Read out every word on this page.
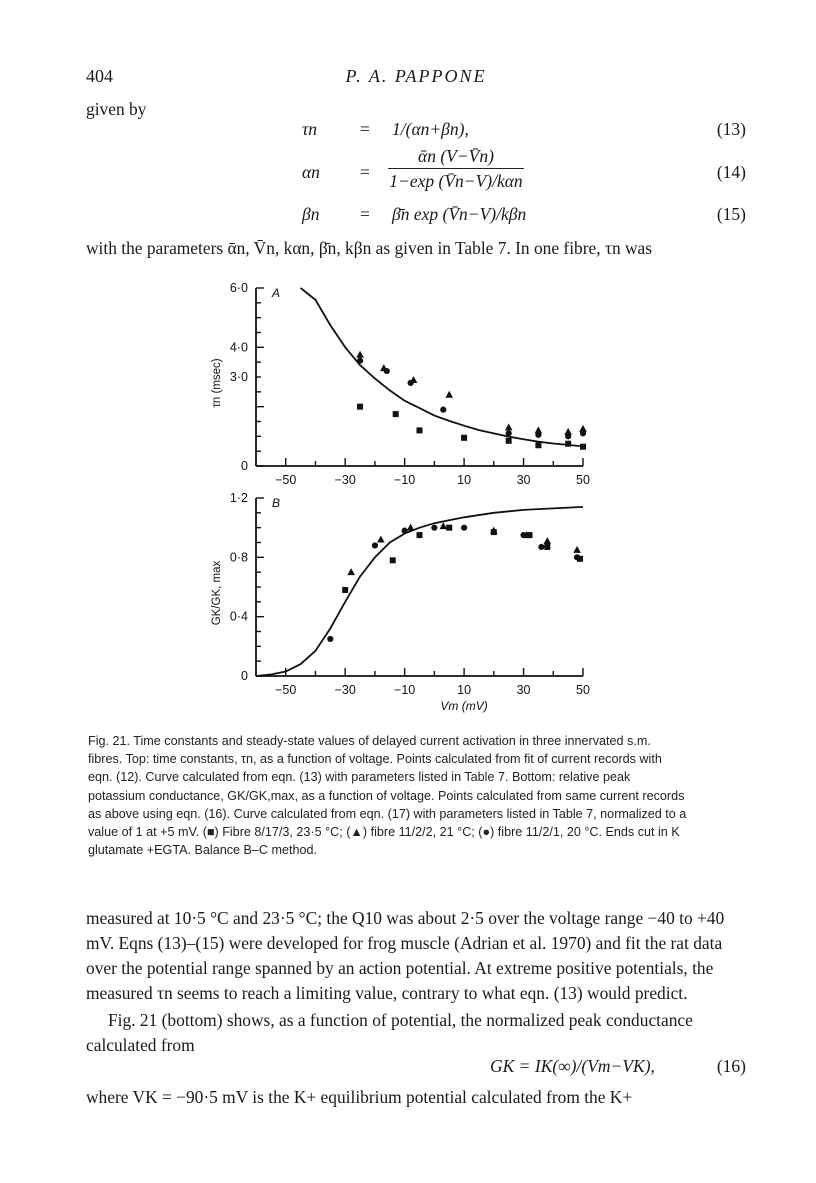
404	P. A. PAPPONE
given by
τn = 1/(αn+βn),	(13)
αn =
ᾱn (V−V̄n)
1−exp (V̄n−V)/kαn	(14)
βn = β̄n exp (V̄n−V)/kβn	(15)
with the parameters ᾱn, V̄n, kαn, β̄n, kβn as given in Table 7. In one fibre, τn was
−50	−30	−10	10	30	50
0
3·0
4·0
6·0 A
τn (msec)
−50	−30	−10	10	30	50
0
0·4
0·8
1·2 B
GK/GK, max
Vm (mV)
Fig. 21. Time constants and steady-state values of delayed current activation in three innervated s.m. fibres. Top: time constants, τn, as a function of voltage. Points calculated from fit of current records with eqn. (12). Curve calculated from eqn. (13) with parameters listed in Table 7. Bottom: relative peak potassium conductance, GK/GK,max, as a function of voltage. Points calculated from same current records as above using eqn. (16). Curve calculated from eqn. (17) with parameters listed in Table 7, normalized to a value of 1 at +5 mV. (■) Fibre 8/17/3, 23·5 °C; (▲) fibre 11/2/2, 21 °C; (●) fibre 11/2/1, 20 °C. Ends cut in K glutamate +EGTA. Balance B–C method.
measured at 10·5 °C and 23·5 °C; the Q10 was about 2·5 over the voltage range −40 to +40 mV. Eqns (13)–(15) were developed for frog muscle (Adrian et al. 1970) and fit the rat data over the potential range spanned by an action potential. At extreme positive potentials, the measured τn seems to reach a limiting value, contrary to what eqn. (13) would predict.
Fig. 21 (bottom) shows, as a function of potential, the normalized peak conductance calculated from
GK = IK(∞)/(Vm−VK),	(16)
where VK = −90·5 mV is the K+ equilibrium potential calculated from the K+
